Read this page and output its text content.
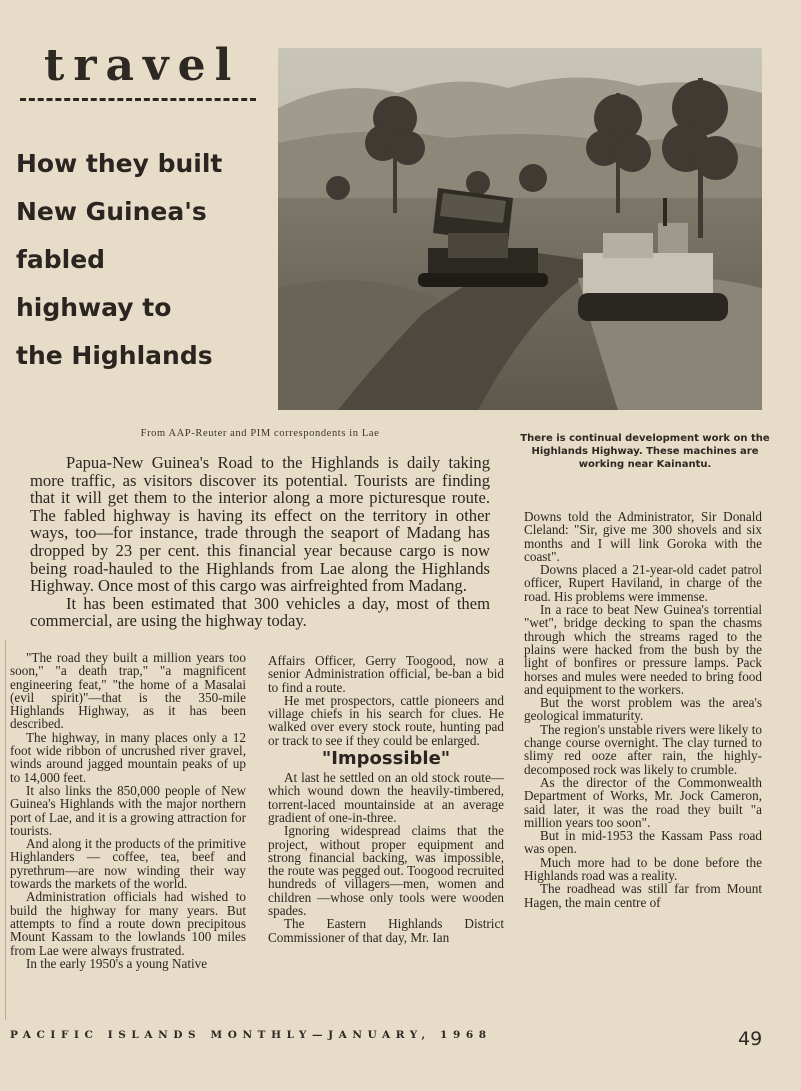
travel
How they built
New Guinea's
fabled
highway to
the Highlands
There is continual development work on the Highlands Highway. These machines are working near Kainantu.
From AAP-Reuter and PIM correspondents in Lae

Papua-New Guinea's Road to the Highlands is daily taking more traffic, as visitors discover its potential. Tourists are finding that it will get them to the interior along a more picturesque route. The fabled highway is having its effect on the territory in other ways, too—for instance, trade through the seaport of Madang has dropped by 23 per cent. this financial year because cargo is now being road-hauled to the Highlands from Lae along the Highlands Highway. Once most of this cargo was airfreighted from Madang.

It has been estimated that 300 vehicles a day, most of them commercial, are using the highway today.

"The road they built a million years too soon," "a death trap," "a magnificent engineering feat," "the home of a Masalai (evil spirit)"—that is the 350-mile Highlands Highway, as it has been described.

The highway, in many places only a 12 foot wide ribbon of uncrushed river gravel, winds around jagged mountain peaks of up to 14,000 feet.

It also links the 850,000 people of New Guinea's Highlands with the major northern port of Lae, and it is a growing attraction for tourists.

And along it the products of the primitive Highlanders — coffee, tea, beef and pyrethrum—are now winding their way towards the markets of the world.

Administration officials had wished to build the highway for many years. But attempts to find a route down precipitous Mount Kassam to the lowlands 100 miles from Lae were always frustrated.

In the early 1950's a young Native

Affairs Officer, Gerry Toogood, now a senior Administration official, be-ban a bid to find a route.

He met prospectors, cattle pioneers and village chiefs in his search for clues. He walked over every stock route, hunting pad or track to see if they could be enlarged.

"Impossible"

At last he settled on an old stock route—which wound down the heavily-timbered, torrent-laced mountainside at an average gradient of one-in-three.

Ignoring widespread claims that the project, without proper equipment and strong financial backing, was impossible, the route was pegged out. Toogood recruited hundreds of villagers—men, women and children —whose only tools were wooden spades.

The Eastern Highlands District Commissioner of that day, Mr. Ian

Downs told the Administrator, Sir Donald Cleland: "Sir, give me 300 shovels and six months and I will link Goroka with the coast".

Downs placed a 21-year-old cadet patrol officer, Rupert Haviland, in charge of the road. His problems were immense.

In a race to beat New Guinea's torrential "wet", bridge decking to span the chasms through which the streams raged to the plains were hacked from the bush by the light of bonfires or pressure lamps. Pack horses and mules were needed to bring food and equipment to the workers.

But the worst problem was the area's geological immaturity.

The region's unstable rivers were likely to change course overnight. The clay turned to slimy red ooze after rain, the highly-decomposed rock was likely to crumble.

As the director of the Commonwealth Department of Works, Mr. Jock Cameron, said later, it was the road they built "a million years too soon".

But in mid-1953 the Kassam Pass road was open.

Much more had to be done before the Highlands road was a reality.

The roadhead was still far from Mount Hagen, the main centre of

PACIFIC ISLANDS MONTHLY—JANUARY, 1968	49
